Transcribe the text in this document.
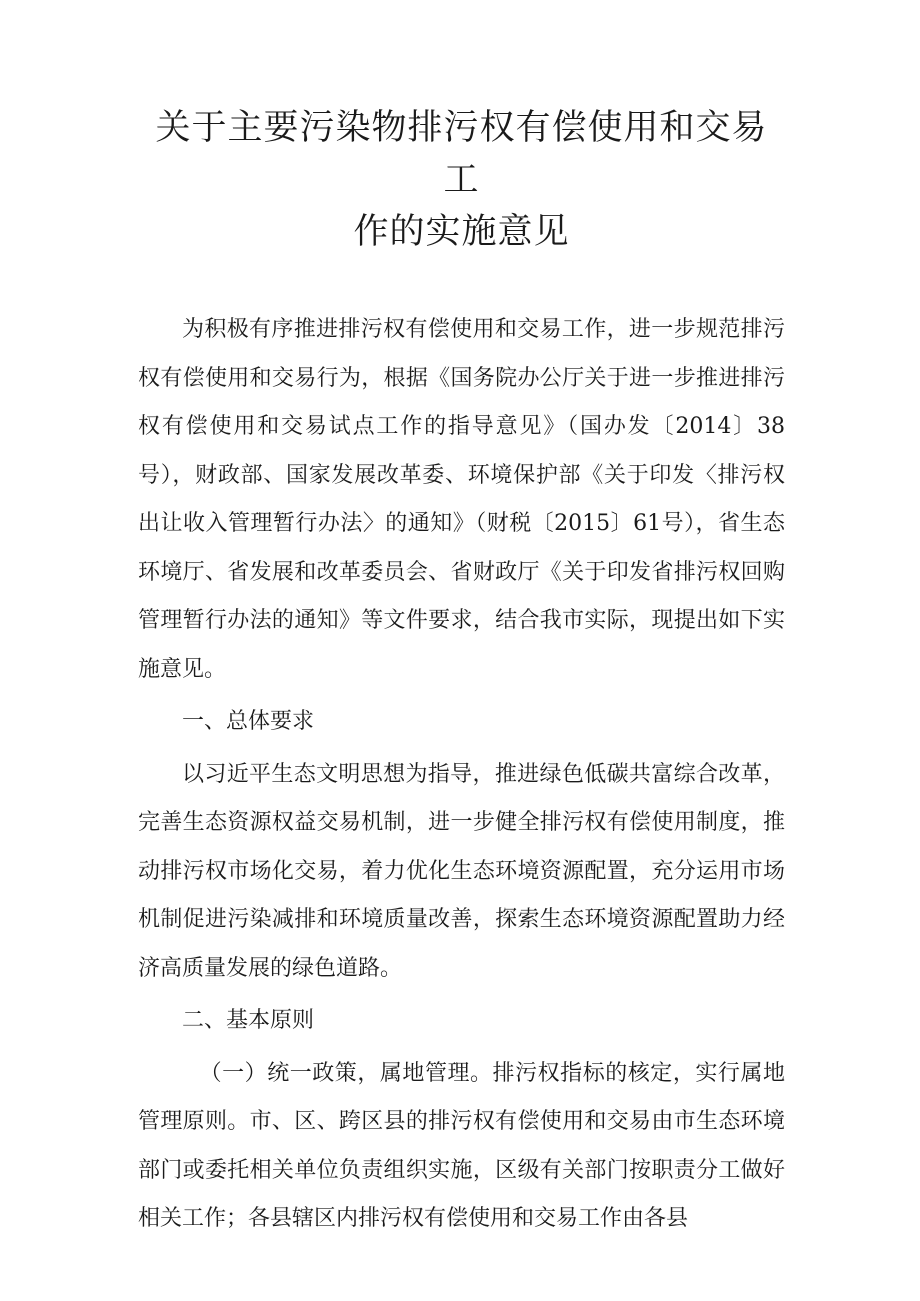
关于主要污染物排污权有偿使用和交易工
作的实施意见

为积极有序推进排污权有偿使用和交易工作，进一步规范排污权有偿使用和交易行为，根据《国务院办公厅关于进一步推进排污权有偿使用和交易试点工作的指导意见》（国办发〔2014〕38号），财政部、国家发展改革委、环境保护部《关于印发〈排污权出让收入管理暂行办法〉的通知》（财税〔2015〕61号），省生态环境厅、省发展和改革委员会、省财政厅《关于印发省排污权回购管理暂行办法的通知》等文件要求，结合我市实际，现提出如下实施意见。

一、总体要求

以习近平生态文明思想为指导，推进绿色低碳共富综合改革，完善生态资源权益交易机制，进一步健全排污权有偿使用制度，推动排污权市场化交易，着力优化生态环境资源配置，充分运用市场机制促进污染减排和环境质量改善，探索生态环境资源配置助力经济高质量发展的绿色道路。

二、基本原则

（一）统一政策，属地管理。排污权指标的核定，实行属地管理原则。市、区、跨区县的排污权有偿使用和交易由市生态环境部门或委托相关单位负责组织实施，区级有关部门按职责分工做好相关工作；各县辖区内排污权有偿使用和交易工作由各县
